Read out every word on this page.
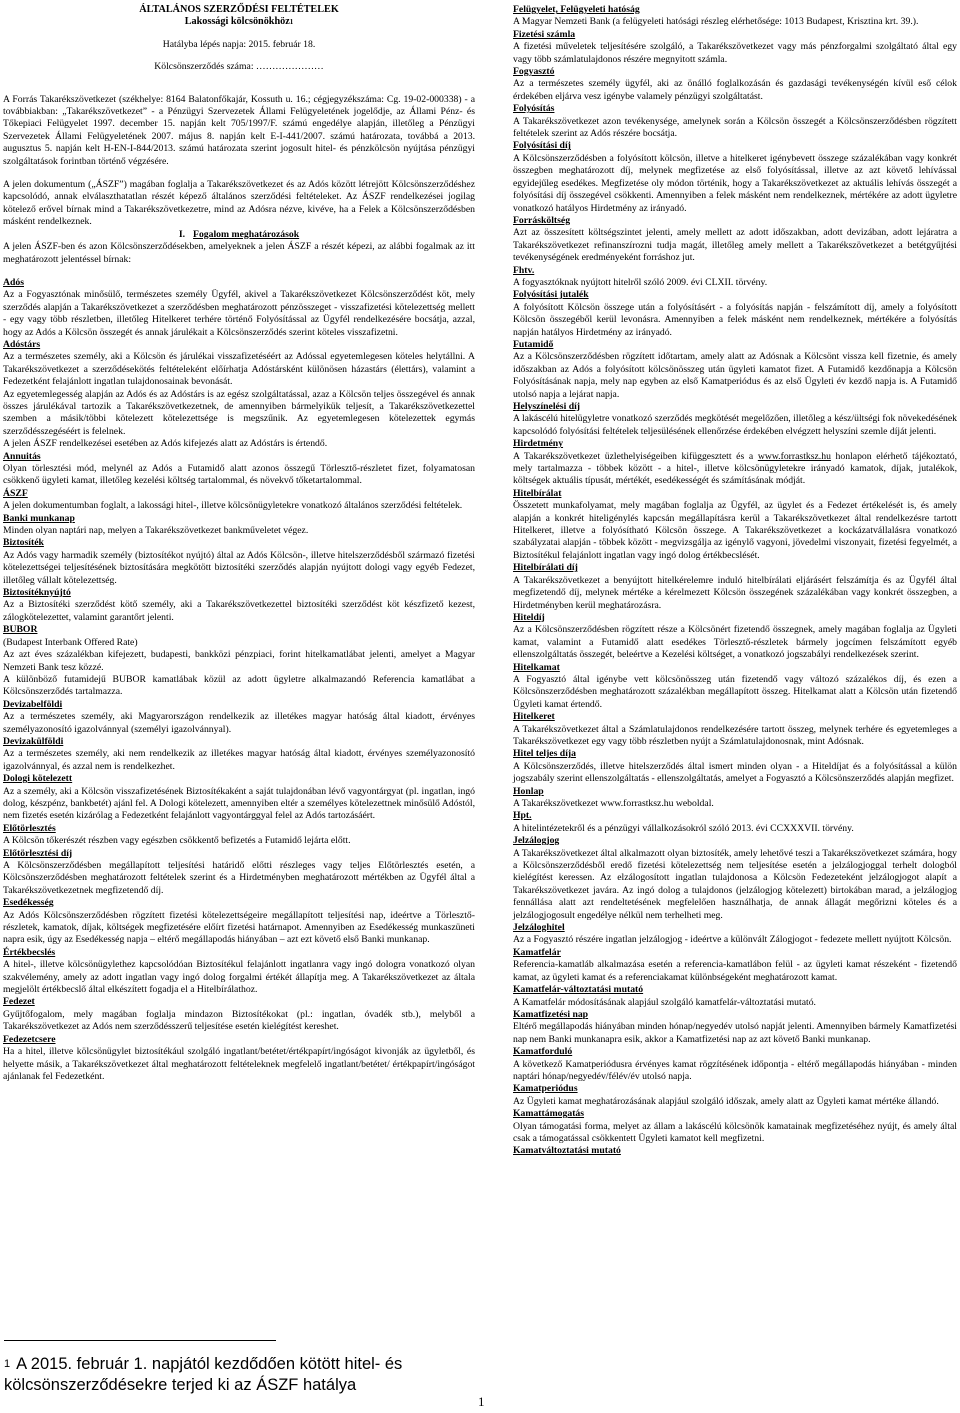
ÁLTALÁNOS SZERZŐDÉSI FELTÉTELEK

Lakossági kölcsönökhöz$^1$

Hatályba lépés napja: 2015. február 18.

Kölcsönszerződés száma: …………………

A Forrás Takarékszövetkezet (székhelye: 8164 Balatonfőkajár, Kossuth u. 16.; cégjegyzékszáma: Cg. 19-02-000338) - a továbbiakban: „Takarékszövetkezet” - a Pénzügyi Szervezetek Állami Felügyeletének jogelődje, az Állami Pénz- és Tőkepiaci Felügyelet 1997. december 15. napján kelt 705/1997/F. számú engedélye alapján, illetőleg a Pénzügyi Szervezetek Állami Felügyeletének 2007. május 8. napján kelt E-I-441/2007. számú határozata, továbbá a 2013. augusztus 5. napján kelt H-EN-I-844/2013. számú határozata szerint jogosult hitel- és pénzkölcsön nyújtása pénzügyi szolgáltatások forintban történő végzésére.

A jelen dokumentum („ÁSZF”) magában foglalja a Takarékszövetkezet és az Adós között létrejött Kölcsönszerződéshez kapcsolódó, annak elválaszthatatlan részét képező általános szerződési feltételeket. Az ÁSZF rendelkezései jogilag kötelező erővel bírnak mind a Takarékszövetkezetre, mind az Adósra nézve, kivéve, ha a Felek a Kölcsönszerződésben másként rendelkeznek.

I. Fogalom meghatározások

A jelen ÁSZF-ben és azon Kölcsönszerződésekben, amelyeknek a jelen ÁSZF a részét képezi, az alábbi fogalmak az itt meghatározott jelentéssel bírnak:

Adós

Az a Fogyasztónak minősülő, természetes személy Ügyfél, akivel a Takarékszövetkezet Kölcsönszerződést köt, mely szerződés alapján a Takarékszövetkezet a szerződésben meghatározott pénzösszeget - visszafizetési kötelezettség mellett - egy vagy több részletben, illetőleg Hitelkeret terhére történő Folyósítással az Ügyfél rendelkezésére bocsátja, azzal, hogy az Adós a Kölcsön összegét és annak járulékait a Kölcsönszerződés szerint köteles visszafizetni.

Adóstárs

Az a természetes személy, aki a Kölcsön és járulékai visszafizetéséért az Adóssal egyetemlegesen köteles helytállni. A Takarékszövetkezet a szerződésekötés feltételeként előírhatja Adóstársként különösen házastárs (élettárs), valamint a Fedezetként felajánlott ingatlan tulajdonosainak bevonását.

Az egyetemlegesség alapján az Adós és az Adóstárs is az egész szolgáltatással, azaz a Kölcsön teljes összegével és annak összes járulékával tartozik a Takarékszövetkezetnek, de amennyiben bármelyikük teljesít, a Takarékszövetkezettel szemben a másik/többi kötelezett kötelezettsége is megszűnik. Az egyetemlegesen kötelezettek egymás szerződésszegéséért is felelnek.

A jelen ÁSZF rendelkezései esetében az Adós kifejezés alatt az Adóstárs is értendő.

Annuitás

Olyan törlesztési mód, melynél az Adós a Futamidő alatt azonos összegű Törlesztő-részletet fizet, folyamatosan csökkenő ügyleti kamat, illetőleg kezelési költség tartalommal, és növekvő tőketartalommal.

ÁSZF

A jelen dokumentumban foglalt, a lakossági hitel-, illetve kölcsönügyletekre vonatkozó általános szerződési feltételek.

Banki munkanap

Minden olyan naptári nap, melyen a Takarékszövetkezet bankműveletet végez.

Biztosíték

Az Adós vagy harmadik személy (biztosítékot nyújtó) által az Adós Kölcsön-, illetve hitelszerződésből származó fizetési kötelezettségei teljesítésének biztosítására megkötött biztosítéki szerződés alapján nyújtott dologi vagy egyéb Fedezet, illetőleg vállalt kötelezettség.

Biztosítéknyújtó

Az a Biztosítéki szerződést kötő személy, aki a Takarékszövetkezettel biztosítéki szerződést köt készfizető kezest, zálogkötelezettet, valamint garantőrt jelenti.

BUBOR

(Budapest Interbank Offered Rate)

Az azt éves százalékban kifejezett, budapesti, bankközi pénzpiaci, forint hitelkamatlábat jelenti, amelyet a Magyar Nemzeti Bank tesz közzé.

A különböző futamidejű BUBOR kamatlábak közül az adott ügyletre alkalmazandó Referencia kamatlábat a Kölcsönszerződés tartalmazza.

Devizabelföldi

Az a természetes személy, aki Magyarországon rendelkezik az illetékes magyar hatóság által kiadott, érvényes személyazonosító igazolvánnyal (személyi igazolvánnyal).

Devizakülföldi

Az a természetes személy, aki nem rendelkezik az illetékes magyar hatóság által kiadott, érvényes személyazonosító igazolvánnyal, és azzal nem is rendelkezhet.

Dologi kötelezett

Az a személy, aki a Kölcsön visszafizetésének Biztosítékaként a saját tulajdonában lévő vagyontárgyat (pl. ingatlan, ingó dolog, készpénz, bankbetét) ajánl fel. A Dologi kötelezett, amennyiben eltér a személyes kötelezettnek minősülő Adóstól, nem fizetés esetén kizárólag a Fedezetként felajánlott vagyontárggyal felel az Adós tartozásáért.

Előtörlesztés

A Kölcsön tőkerészét részben vagy egészben csökkentő befizetés a Futamidő lejárta előtt.

Előtörlesztési díj

A Kölcsönszerződésben megállapított teljesítési határidő előtti részleges vagy teljes Előtörlesztés esetén, a Kölcsönszerződésben meghatározott feltételek szerint és a Hirdetményben meghatározott mértékben az Ügyfél által a Takarékszövetkezetnek megfizetendő díj.

Esedékesség

Az Adós Kölcsönszerződésben rögzített fizetési kötelezettségeire megállapított teljesítési nap, ideértve a Törlesztő-részletek, kamatok, díjak, költségek megfizetésére előírt fizetési határnapot. Amennyiben az Esedékesség munkaszüneti napra esik, úgy az Esedékesség napja – eltérő megállapodás hiányában – azt ezt követő első Banki munkanap.

Értékbecslés

A hitel-, illetve kölcsönügylethez kapcsolódóan Biztosítékul felajánlott ingatlanra vagy ingó dologra vonatkozó olyan szakvélemény, amely az adott ingatlan vagy ingó dolog forgalmi értékét állapítja meg. A Takarékszövetkezet az általa megjelölt értékbecslő által elkészített fogadja el a Hitelbírálathoz.

Fedezet

Gyűjtőfogalom, mely magában foglalja mindazon Biztosítékokat (pl.: ingatlan, óvadék stb.), melyből a Takarékszövetkezet az Adós nem szerződésszerű teljesítése esetén kielégítést kereshet.

Fedezetcsere

Ha a hitel, illetve kölcsönügylet biztosítékául szolgáló ingatlant/betétet/értékpapírt/ingóságot kivonják az ügyletből, és helyette másik, a Takarékszövetkezet által meghatározott feltételeknek megfelelő ingatlant/betétet/ értékpapírt/ingóságot ajánlanak fel Fedezetként.

Felügyelet, Felügyeleti hatóság

A Magyar Nemzeti Bank (a felügyeleti hatósági részleg elérhetősége: 1013 Budapest, Krisztina krt. 39.).

Fizetési számla

A fizetési műveletek teljesítésére szolgáló, a Takarékszövetkezet vagy más pénzforgalmi szolgáltató által egy vagy több számlatulajdonos részére megnyitott számla.

Fogyasztó

Az a természetes személy ügyfél, aki az önálló foglalkozásán és gazdasági tevékenységén kívül eső célok érdekében eljárva vesz igénybe valamely pénzügyi szolgáltatást.

Folyósítás

A Takarékszövetkezet azon tevékenysége, amelynek során a Kölcsön összegét a Kölcsönszerződésben rögzített feltételek szerint az Adós részére bocsátja.

Folyósítási díj

A Kölcsönszerződésben a folyósított kölcsön, illetve a hitelkeret igénybevett összege százalékában vagy konkrét összegben meghatározott díj, melynek megfizetése az első folyósítással, illetve az azt követő lehívással egyidejűleg esedékes. Megfizetése oly módon történik, hogy a Takarékszövetkezet az aktuális lehívás összegét a folyósítási díj összegével csökkenti. Amennyiben a felek másként nem rendelkeznek, mértékére az adott ügyletre vonatkozó hatályos Hirdetmény az irányadó.

Forrásköltség

Azt az összesített költségszintet jelenti, amely mellett az adott időszakban, adott devizában, adott lejáratra a Takarékszövetkezet refinanszírozni tudja magát, illetőleg amely mellett a Takarékszövetkezet a betétgyűjtési tevékenységének eredményeként forráshoz jut.

Fhtv.

A fogyasztóknak nyújtott hitelről szóló 2009. évi CLXII. törvény.

Folyósítási jutalék

A folyósított Kölcsön összege után a folyósításért - a folyósítás napján - felszámított díj, amely a folyósított Kölcsön összegéből kerül levonásra. Amennyiben a felek másként nem rendelkeznek, mértékére a folyósítás napján hatályos Hirdetmény az irányadó.

Futamidő

Az a Kölcsönszerződésben rögzített időtartam, amely alatt az Adósnak a Kölcsönt vissza kell fizetnie, és amely időszakban az Adós a folyósított kölcsönösszeg után ügyleti kamatot fizet. A Futamidő kezdőnapja a Kölcsön Folyósításának napja, mely nap egyben az első Kamatperiódus és az első Ügyleti év kezdő napja is. A Futamidő utolsó napja a lejárat napja.

Helyszínelési díj

A lakáscélú hitelügyletre vonatkozó szerződés megkötését megelőzően, illetőleg a kész/ültségi fok növekedésének kapcsolódó folyósítási feltételek teljesülésének ellenőrzése érdekében elvégzett helyszíni szemle díját jelenti.

Hirdetmény

A Takarékszövetkezet üzlethelyiségeiben kifüggesztett és a www.forrastksz.hu honlapon elérhető tájékoztató, mely tartalmazza - többek között - a hitel-, illetve kölcsönügyletekre irányadó kamatok, díjak, jutalékok, költségek aktuális típusát, mértékét, esedékességét és számításának módját.

Hitelbírálat

Összetett munkafolyamat, mely magában foglalja az Ügyfél, az ügylet és a Fedezet értékelését is, és amely alapján a konkrét hiteligénylés kapcsán megállapításra kerül a Takarékszövetkezet által rendelkezésre tartott Hitelkeret, illetve a folyósítható Kölcsön összege. A Takarékszövetkezet a kockázatvállalásra vonatkozó szabályzatai alapján - többek között - megvizsgálja az igénylő vagyoni, jövedelmi viszonyait, fizetési fegyelmét, a Biztosítékul felajánlott ingatlan vagy ingó dolog értékbecslését.

Hitelbírálati díj

A Takarékszövetkezet a benyújtott hitelkérelemre induló hitelbírálati eljárásért felszámítja és az Ügyfél által megfizetendő díj, melynek mértéke a kérelmezett Kölcsön összegének százalékában vagy konkrét összegben, a Hirdetményben kerül meghatározásra.

Hiteldíj

Az a Kölcsönszerződésben rögzített része a Kölcsönért fizetendő összegnek, amely magában foglalja az Ügyleti kamat, valamint a Futamidő alatt esedékes Törlesztő-részletek bármely jogcímen felszámított egyéb ellenszolgáltatás összegét, beleértve a Kezelési költséget, a vonatkozó jogszabályi rendelkezések szerint.

Hitelkamat

A Fogyasztó által igénybe vett kölcsönösszeg után fizetendő vagy változó százalékos díj, és ezen a Kölcsönszerződésben meghatározott százalékban megállapított összeg. Hitelkamat alatt a Kölcsön után fizetendő Ügyleti kamat értendő.

Hitelkeret

A Takarékszövetkezet által a Számlatulajdonos rendelkezésére tartott összeg, melynek terhére és egyetemleges a Takarékszövetkezet egy vagy több részletben nyújt a Számlatulajdonosnak, mint Adósnak.

Hitel teljes díja

A Kölcsönszerződés, illetve hitelszerződés által ismert minden olyan - a Hiteldíjat és a folyósítással a külön jogszabály szerint ellenszolgáltatás - ellenszolgáltatás, amelyet a Fogyasztó a Kölcsönszerződés alapján megfizet.

Honlap

A Takarékszövetkezet www.forrastksz.hu weboldal.

Hpt.

A hitelintézetekről és a pénzügyi vállalkozásokról szóló 2013. évi CCXXXVII. törvény.

Jelzálogjog

A Takarékszövetkezet által alkalmazott olyan biztosíték, amely lehetővé teszi a Takarékszövetkezet számára, hogy a Kölcsönszerződésből eredő fizetési kötelezettség nem teljesítése esetén a jelzálogjoggal terhelt dologból kielégítést keressen. Az elzálogosított ingatlan tulajdonosa a Kölcsön Fedezeteként jelzálogjogot alapít a Takarékszövetkezet javára. Az ingó dolog a tulajdonos (jelzálogjog kötelezett) birtokában marad, a jelzálogjog fennállása alatt azt rendeltetésének megfelelően használhatja, de annak állagát megőrizni köteles és a jelzálogjogosult engedélye nélkül nem terhelheti meg.

Jelzáloghitel

Az a Fogyasztó részére ingatlan jelzálogjog - ideértve a különvált Zálogjogot - fedezete mellett nyújtott Kölcsön.

Kamatfelár

Referencia-kamatláb alkalmazása esetén a referencia-kamatlábon felül - az ügyleti kamat részeként - fizetendő kamat, az ügyleti kamat és a referenciakamat különbségeként meghatározott kamat.

Kamatfelár-változtatási mutató

A Kamatfelár módosításának alapjául szolgáló kamatfelár-változtatási mutató.

Kamatfizetési nap

Eltérő megállapodás hiányában minden hónap/negyedév utolsó napját jelenti. Amennyiben bármely Kamatfizetési nap nem Banki munkanapra esik, akkor a Kamatfizetési nap az azt követő Banki munkanap.

Kamatforduló

A következő Kamatperiódusra érvényes kamat rögzítésének időpontja - eltérő megállapodás hiányában - minden naptári hónap/negyedév/félév/év utolsó napja.

Kamatperiódus

Az Ügyleti kamat meghatározásának alapjául szolgáló időszak, amely alatt az Ügyleti kamat mértéke állandó.

Kamattámogatás

Olyan támogatási forma, melyet az állam a lakáscélú kölcsönök kamatainak megfizetéséhez nyújt, és amely által csak a támogatással csökkentett Ügyleti kamatot kell megfizetni.

Kamatváltoztatási mutató

$^1$ A 2015. február 1. napjától kezdődően kötött hitel- és kölcsönszerződésekre terjed ki az ÁSZF hatálya
1
